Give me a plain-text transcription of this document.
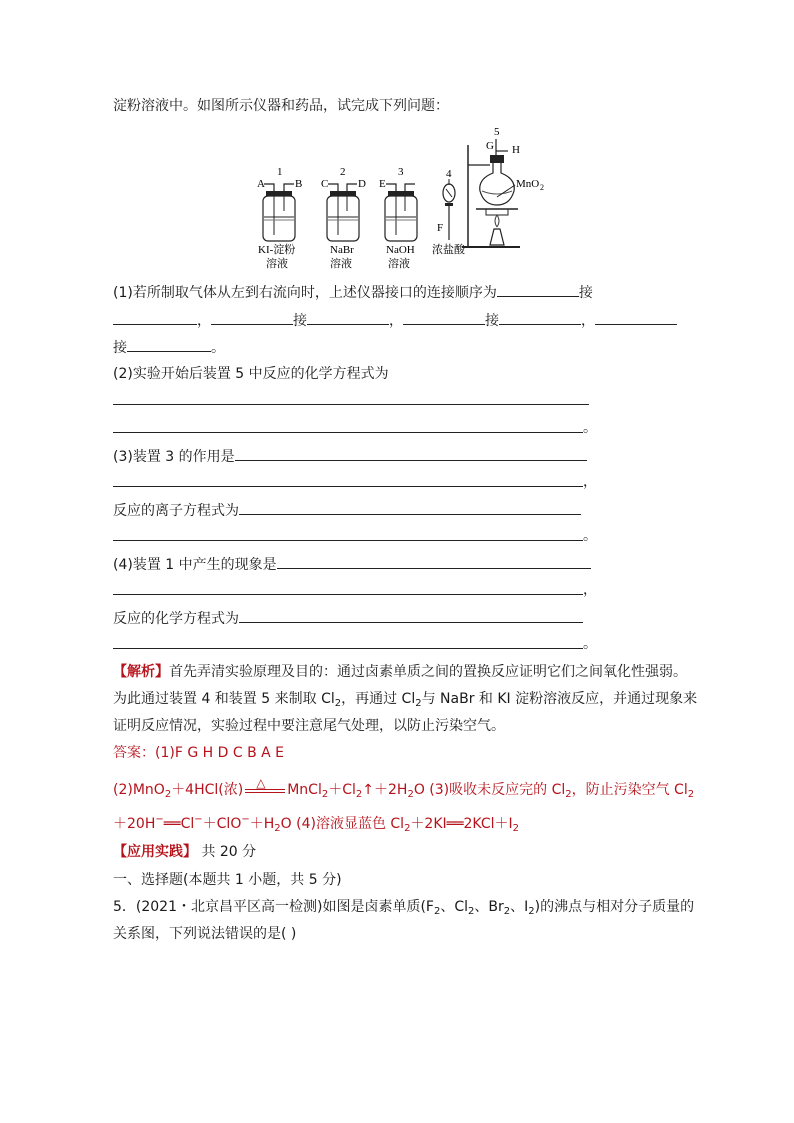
淀粉溶液中。如图所示仪器和药品，试完成下列问题：
1
A	B
KI-淀粉
溶液
2
C	D
NaBr
溶液
3
E
NaOH
溶液
4
F
浓盐酸
5
G H
MnO 2
(1)若所制取气体从左到右流向时，上述仪器接口的连接顺序为	接
，	接	，	接	，
接	。
(2)实验开始后装置 5 中反应的化学方程式为
。
(3)装置 3 的作用是
，
反应的离子方程式为
。
(4)装置 1 中产生的现象是
，
反应的化学方程式为
。
【解析】首先弄清实验原理及目的：通过卤素单质之间的置换反应证明它们之间氧化性强弱。
为此通过装置 4 和装置 5 来制取 $Cl_2$，再通过 $Cl_2$与 NaBr 和 KI 淀粉溶液反应，并通过现象来
证明反应情况，实验过程中要注意尾气处理，以防止污染空气。
答案：(1)F G H D C B A E
(2)MnO$_2$＋4HCl(浓) △ $MnCl_2+Cl_2↑+2H_2O$ (3)吸收未反应完的 $Cl_2$，防止污染空气 $Cl_2$
$+20H^-══Cl^-+ClO^-+H_2O$ (4)溶液显蓝色 $Cl_2+2KI══2KCl+I_2$
【应用实践】 共 20 分
一、选择题(本题共 1 小题，共 5 分)
5．(2021・北京昌平区高一检测)如图是卤素单质($F_2$、$Cl_2$、$Br_2$、$I_2$)的沸点与相对分子质量的
关系图，下列说法错误的是( )
